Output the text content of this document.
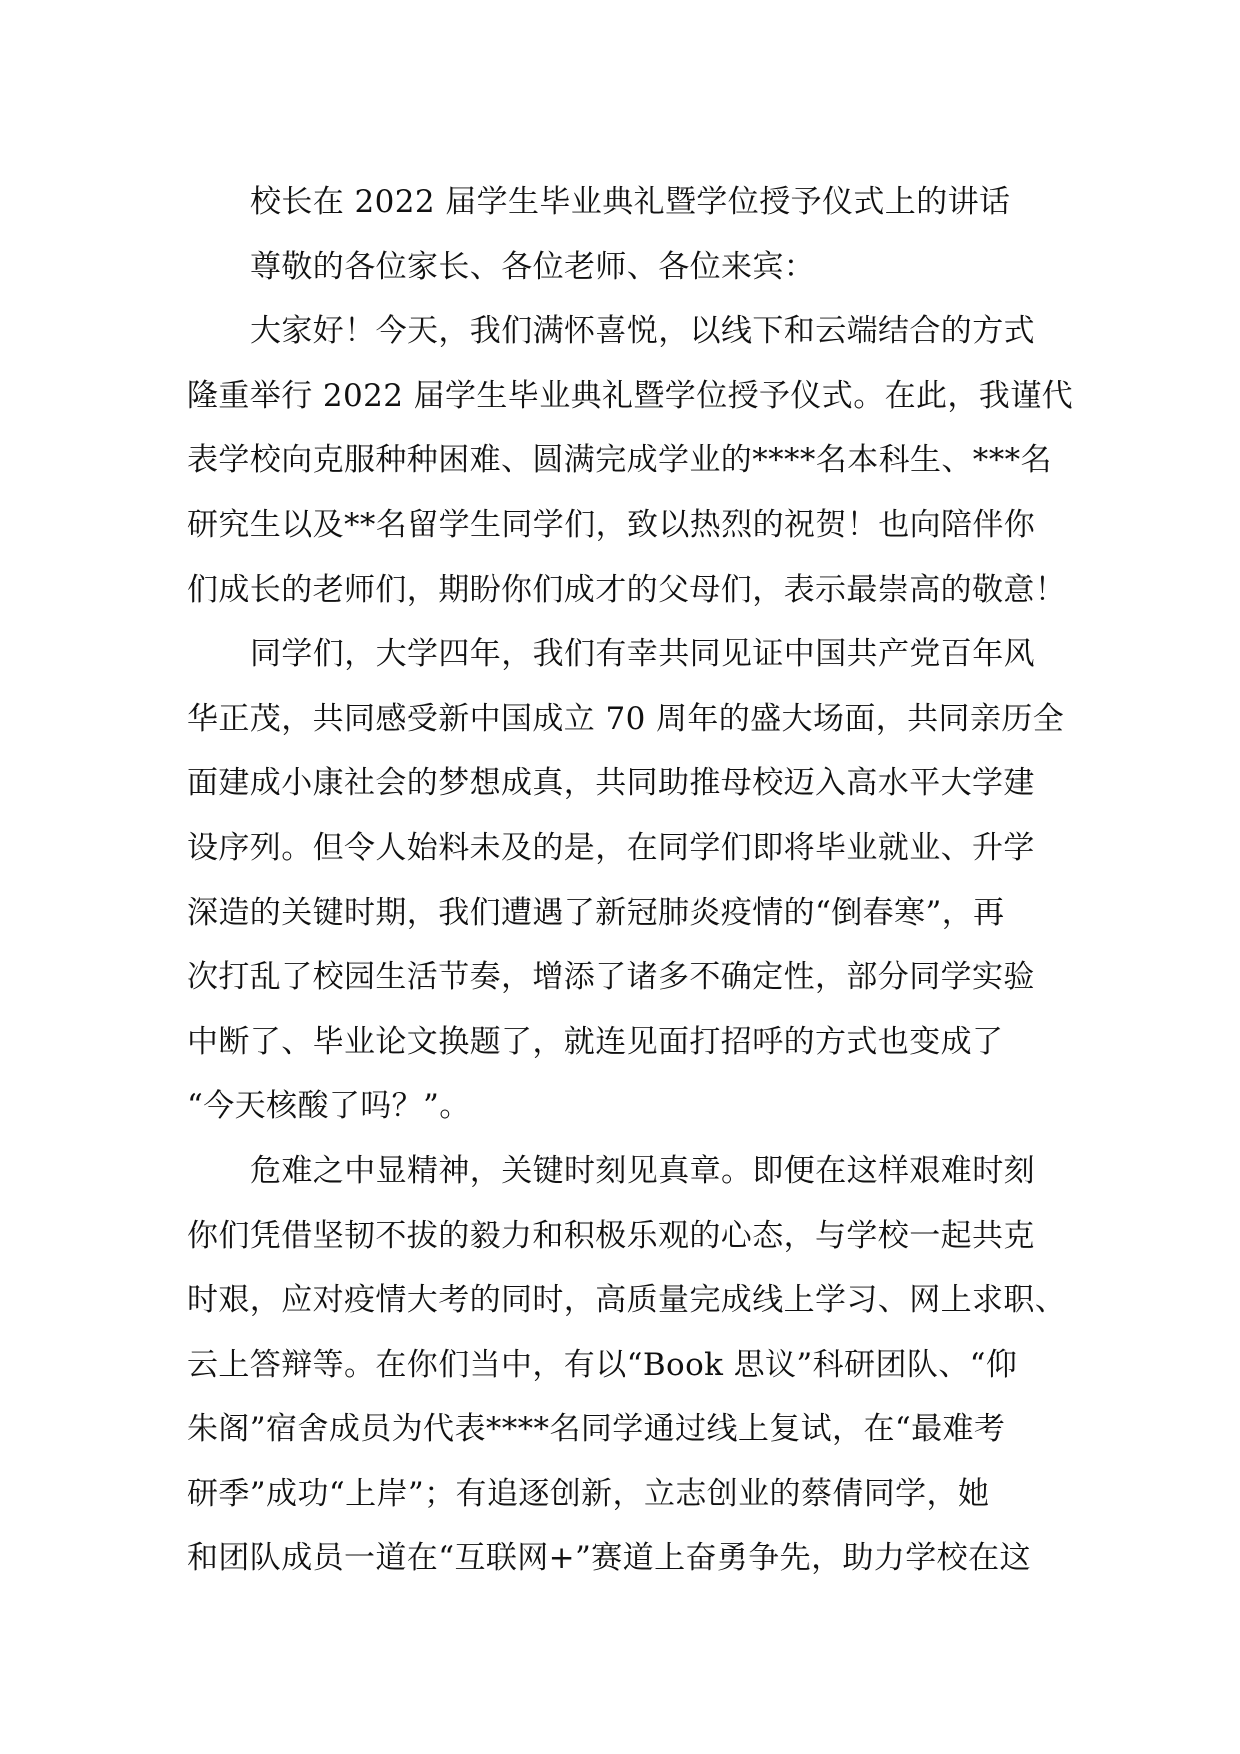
校长在 2022 届学生毕业典礼暨学位授予仪式上的讲话
尊敬的各位家长、各位老师、各位来宾：
大家好！今天，我们满怀喜悦，以线下和云端结合的方式
隆重举行 2022 届学生毕业典礼暨学位授予仪式。在此，我谨代
表学校向克服种种困难、圆满完成学业的****名本科生、***名
研究生以及**名留学生同学们，致以热烈的祝贺！也向陪伴你
们成长的老师们，期盼你们成才的父母们，表示最崇高的敬意！
同学们，大学四年，我们有幸共同见证中国共产党百年风
华正茂，共同感受新中国成立 70 周年的盛大场面，共同亲历全
面建成小康社会的梦想成真，共同助推母校迈入高水平大学建
设序列。但令人始料未及的是，在同学们即将毕业就业、升学
深造的关键时期，我们遭遇了新冠肺炎疫情的“倒春寒”，再
次打乱了校园生活节奏，增添了诸多不确定性，部分同学实验
中断了、毕业论文换题了，就连见面打招呼的方式也变成了
“今天核酸了吗？”。
危难之中显精神，关键时刻见真章。即便在这样艰难时刻
你们凭借坚韧不拔的毅力和积极乐观的心态，与学校一起共克
时艰，应对疫情大考的同时，高质量完成线上学习、网上求职、
云上答辩等。在你们当中，有以“Book 思议”科研团队、“仰
朱阁”宿舍成员为代表****名同学通过线上复试，在“最难考
研季”成功“上岸”；有追逐创新，立志创业的蔡倩同学，她
和团队成员一道在“互联网+”赛道上奋勇争先，助力学校在这
